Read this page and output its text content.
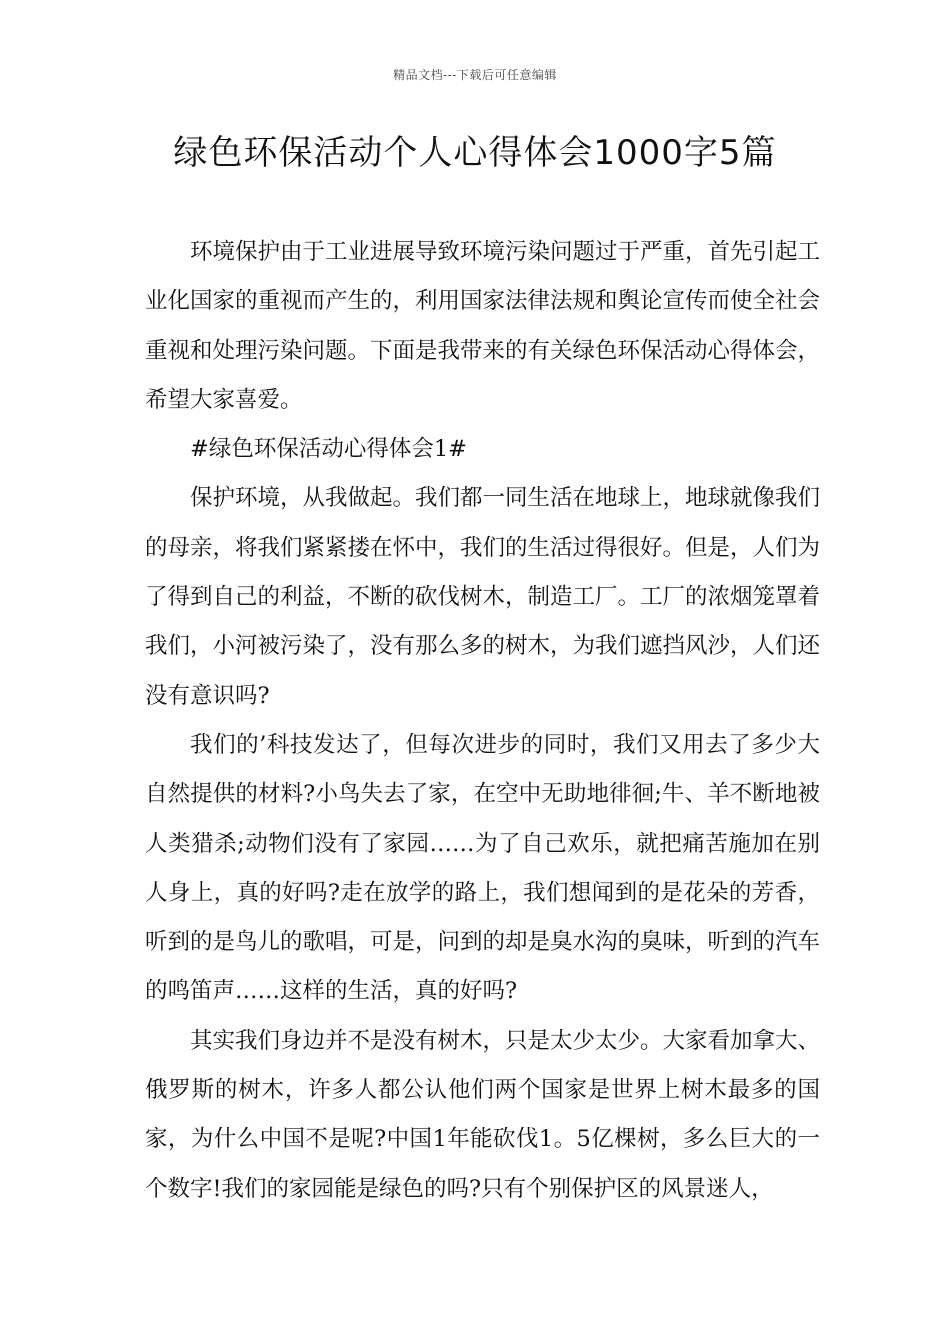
精品文档---下载后可任意编辑
绿色环保活动个人心得体会1000字5篇

环境保护由于工业进展导致环境污染问题过于严重，首先引起工业化国家的重视而产生的，利用国家法律法规和舆论宣传而使全社会重视和处理污染问题。下面是我带来的有关绿色环保活动心得体会，希望大家喜爱。

#绿色环保活动心得体会1#

保护环境，从我做起。我们都一同生活在地球上，地球就像我们的母亲，将我们紧紧搂在怀中，我们的生活过得很好。但是，人们为了得到自己的利益，不断的砍伐树木，制造工厂。工厂的浓烟笼罩着我们，小河被污染了，没有那么多的树木，为我们遮挡风沙，人们还没有意识吗?

我们的’科技发达了，但每次进步的同时，我们又用去了多少大自然提供的材料?小鸟失去了家，在空中无助地徘徊;牛、羊不断地被人类猎杀;动物们没有了家园……为了自己欢乐，就把痛苦施加在别人身上，真的好吗?走在放学的路上，我们想闻到的是花朵的芳香，听到的是鸟儿的歌唱，可是，问到的却是臭水沟的臭味，听到的汽车的鸣笛声……这样的生活，真的好吗?

其实我们身边并不是没有树木，只是太少太少。大家看加拿大、俄罗斯的树木，许多人都公认他们两个国家是世界上树木最多的国家，为什么中国不是呢?中国1年能砍伐1。5亿棵树，多么巨大的一个数字!我们的家园能是绿色的吗?只有个别保护区的风景迷人，
